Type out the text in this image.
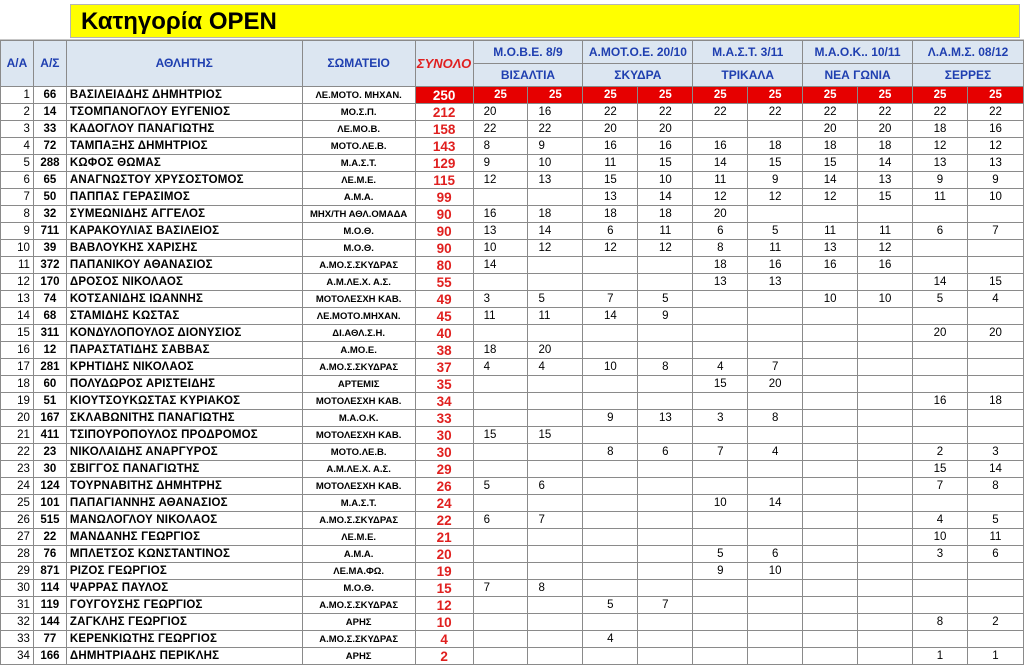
Κατηγορία OPEN
Α/Α	Α/Σ	ΑΘΛΗΤΗΣ	ΣΩΜΑΤΕΙΟ	ΣΥΝΟΛΟ	Μ.Ο.Β.Ε. 8/9		Α.ΜΟΤ.Ο.Ε. 20/10		Μ.Α.Σ.Τ. 3/11		Μ.Α.Ο.Κ.. 10/11		Λ.Α.Μ.Σ. 08/12	
					ΒΙΣΑΛΤΙΑ		ΣΚΥΔΡΑ		ΤΡΙΚΑΛΑ		ΝΕΑ ΓΩΝΙΑ		ΣΕΡΡΕΣ	
1	66	ΒΑΣΙΛΕΙΑΔΗΣ ΔΗΜΗΤΡΙΟΣ	ΛΕ.ΜΟΤΟ. ΜΗΧΑΝ.	250	25	25	25	25	25	25	25	25	25	25
2	14	ΤΣΟΜΠΑΝΟΓΛΟΥ ΕΥΓΕΝΙΟΣ	ΜΟ.Σ.Π.	212	20	16	22	22	22	22	22	22	22	22
3	33	ΚΑΔΟΓΛΟΥ ΠΑΝΑΓΙΩΤΗΣ	ΛΕ.ΜΟ.Β.	158	22	22	20	20			20	20	18	16
4	72	ΤΑΜΠΑΞΗΣ ΔΗΜΗΤΡΙΟΣ	ΜΟΤΟ.ΛΕ.Β.	143	8	9	16	16	16	18	18	18	12	12
5	288	ΚΩΦΟΣ ΘΩΜΑΣ	Μ.Α.Σ.Τ.	129	9	10	11	15	14	15	15	14	13	13
6	65	ΑΝΑΓΝΩΣΤΟΥ ΧΡΥΣΟΣΤΟΜΟΣ	ΛΕ.Μ.Ε.	115	12	13	15	10	11	9	14	13	9	9
7	50	ΠΑΠΠΑΣ ΓΕΡΑΣΙΜΟΣ	Α.Μ.Α.	99			13	14	12	12	12	15	11	10
8	32	ΣΥΜΕΩΝΙΔΗΣ ΑΓΓΕΛΟΣ	ΜΗΧ/ΤΗ ΑΘΛ.ΟΜΑΔΑ	90	16	18	18	18	20					
9	711	ΚΑΡΑΚΟΥΛΙΑΣ ΒΑΣΙΛΕΙΟΣ	Μ.Ο.Θ.	90	13	14	6	11	6	5	11	11	6	7
10	39	ΒΑΒΛΟΥΚΗΣ ΧΑΡΙΣΗΣ	Μ.Ο.Θ.	90	10	12	12	12	8	11	13	12		
11	372	ΠΑΠΑΝΙΚΟΥ ΑΘΑΝΑΣΙΟΣ	Α.ΜΟ.Σ.ΣΚΥΔΡΑΣ	80	14				18	16	16	16		
12	170	ΔΡΟΣΟΣ ΝΙΚΟΛΑΟΣ	Α.Μ.ΛΕ.Χ. Α.Σ.	55					13	13			14	15
13	74	ΚΟΤΣΑΝΙΔΗΣ ΙΩΑΝΝΗΣ	ΜΟΤΟΛΕΣΧΗ ΚΑΒ.	49	3	5	7	5			10	10	5	4
14	68	ΣΤΑΜΙΔΗΣ ΚΩΣΤΑΣ	ΛΕ.ΜΟΤΟ.ΜΗΧΑΝ.	45	11	11	14	9						
15	311	ΚΟΝΔΥΛΟΠΟΥΛΟΣ ΔΙΟΝΥΣΙΟΣ	ΔΙ.ΑΘΛ.Σ.Η.	40									20	20
16	12	ΠΑΡΑΣΤΑΤΙΔΗΣ ΣΑΒΒΑΣ	Α.ΜΟ.Ε.	38	18	20								
17	281	ΚΡΗΤΙΔΗΣ ΝΙΚΟΛΑΟΣ	Α.ΜΟ.Σ.ΣΚΥΔΡΑΣ	37	4	4	10	8	4	7				
18	60	ΠΟΛΥΔΩΡΟΣ ΑΡΙΣΤΕΙΔΗΣ	ΑΡΤΕΜΙΣ	35					15	20				
19	51	ΚΙΟΥΤΣΟΥΚΩΣΤΑΣ ΚΥΡΙΑΚΟΣ	ΜΟΤΟΛΕΣΧΗ ΚΑΒ.	34									16	18
20	167	ΣΚΛΑΒΩΝΙΤΗΣ ΠΑΝΑΓΙΩΤΗΣ	Μ.Α.Ο.Κ.	33			9	13	3	8				
21	411	ΤΣΙΠΟΥΡΟΠΟΥΛΟΣ ΠΡΟΔΡΟΜΟΣ	ΜΟΤΟΛΕΣΧΗ ΚΑΒ.	30	15	15								
22	23	ΝΙΚΟΛΑΙΔΗΣ ΑΝΑΡΓΥΡΟΣ	ΜΟΤΟ.ΛΕ.Β.	30			8	6	7	4			2	3
23	30	ΣΒΙΓΓΟΣ ΠΑΝΑΓΙΩΤΗΣ	Α.Μ.ΛΕ.Χ. Α.Σ.	29									15	14
24	124	ΤΟΥΡΝΑΒΙΤΗΣ ΔΗΜΗΤΡΗΣ	ΜΟΤΟΛΕΣΧΗ ΚΑΒ.	26	5	6							7	8
25	101	ΠΑΠΑΓΙΑΝΝΗΣ ΑΘΑΝΑΣΙΟΣ	Μ.Α.Σ.Τ.	24					10	14				
26	515	ΜΑΝΩΛΟΓΛΟΥ ΝΙΚΟΛΑΟΣ	Α.ΜΟ.Σ.ΣΚΥΔΡΑΣ	22	6	7							4	5
27	22	ΜΑΝΔΑΝΗΣ ΓΕΩΡΓΙΟΣ	ΛΕ.Μ.Ε.	21									10	11
28	76	ΜΠΛΕΤΣΟΣ ΚΩΝΣΤΑΝΤΙΝΟΣ	Α.Μ.Α.	20					5	6			3	6
29	871	ΡΙΖΟΣ ΓΕΩΡΓΙΟΣ	ΛΕ.ΜΑ.ΦΩ.	19					9	10				
30	114	ΨΑΡΡΑΣ ΠΑΥΛΟΣ	Μ.Ο.Θ.	15	7	8								
31	119	ΓΟΥΓΟΥΣΗΣ ΓΕΩΡΓΙΟΣ	Α.ΜΟ.Σ.ΣΚΥΔΡΑΣ	12			5	7						
32	144	ΖΑΓΚΛΗΣ ΓΕΩΡΓΙΟΣ	ΑΡΗΣ	10									8	2
33	77	ΚΕΡΕΝΚΙΩΤΗΣ ΓΕΩΡΓΙΟΣ	Α.ΜΟ.Σ.ΣΚΥΔΡΑΣ	4			4							
34	166	ΔΗΜΗΤΡΙΑΔΗΣ ΠΕΡΙΚΛΗΣ	ΑΡΗΣ	2									1	1
